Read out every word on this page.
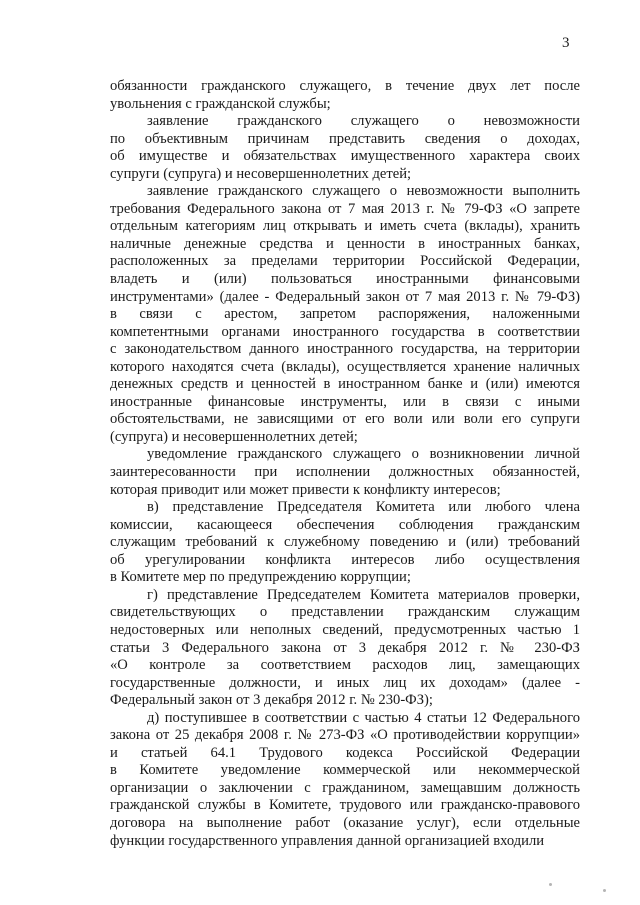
3
обязанности гражданского служащего, в течение двух лет после
увольнения с гражданской службы;
заявление гражданского служащего о невозможности
по объективным причинам представить сведения о доходах,
об имуществе и обязательствах имущественного характера своих
супруги (супруга) и несовершеннолетних детей;
заявление гражданского служащего о невозможности выполнить
требования Федерального закона от 7 мая 2013 г. № 79-ФЗ «О запрете
отдельным категориям лиц открывать и иметь счета (вклады), хранить
наличные денежные средства и ценности в иностранных банках,
расположенных за пределами территории Российской Федерации,
владеть и (или) пользоваться иностранными финансовыми
инструментами» (далее - Федеральный закон от 7 мая 2013 г. № 79-ФЗ)
в связи с арестом, запретом распоряжения, наложенными
компетентными органами иностранного государства в соответствии
с законодательством данного иностранного государства, на территории
которого находятся счета (вклады), осуществляется хранение наличных
денежных средств и ценностей в иностранном банке и (или) имеются
иностранные финансовые инструменты, или в связи с иными
обстоятельствами, не зависящими от его воли или воли его супруги
(супруга) и несовершеннолетних детей;
уведомление гражданского служащего о возникновении личной
заинтересованности при исполнении должностных обязанностей,
которая приводит или может привести к конфликту интересов;
в) представление Председателя Комитета или любого члена
комиссии, касающееся обеспечения соблюдения гражданским
служащим требований к служебному поведению и (или) требований
об урегулировании конфликта интересов либо осуществления
в Комитете мер по предупреждению коррупции;
г) представление Председателем Комитета материалов проверки,
свидетельствующих о представлении гражданским служащим
недостоверных или неполных сведений, предусмотренных частью 1
статьи 3 Федерального закона от 3 декабря 2012 г. № 230-ФЗ
«О контроле за соответствием расходов лиц, замещающих
государственные должности, и иных лиц их доходам» (далее -
Федеральный закон от 3 декабря 2012 г. № 230-ФЗ);
д) поступившее в соответствии с частью 4 статьи 12 Федерального
закона от 25 декабря 2008 г. № 273-ФЗ «О противодействии коррупции»
и статьей 64.1 Трудового кодекса Российской Федерации
в Комитете уведомление коммерческой или некоммерческой
организации о заключении с гражданином, замещавшим должность
гражданской службы в Комитете, трудового или гражданско-правового
договора на выполнение работ (оказание услуг), если отдельные
функции государственного управления данной организацией входили
